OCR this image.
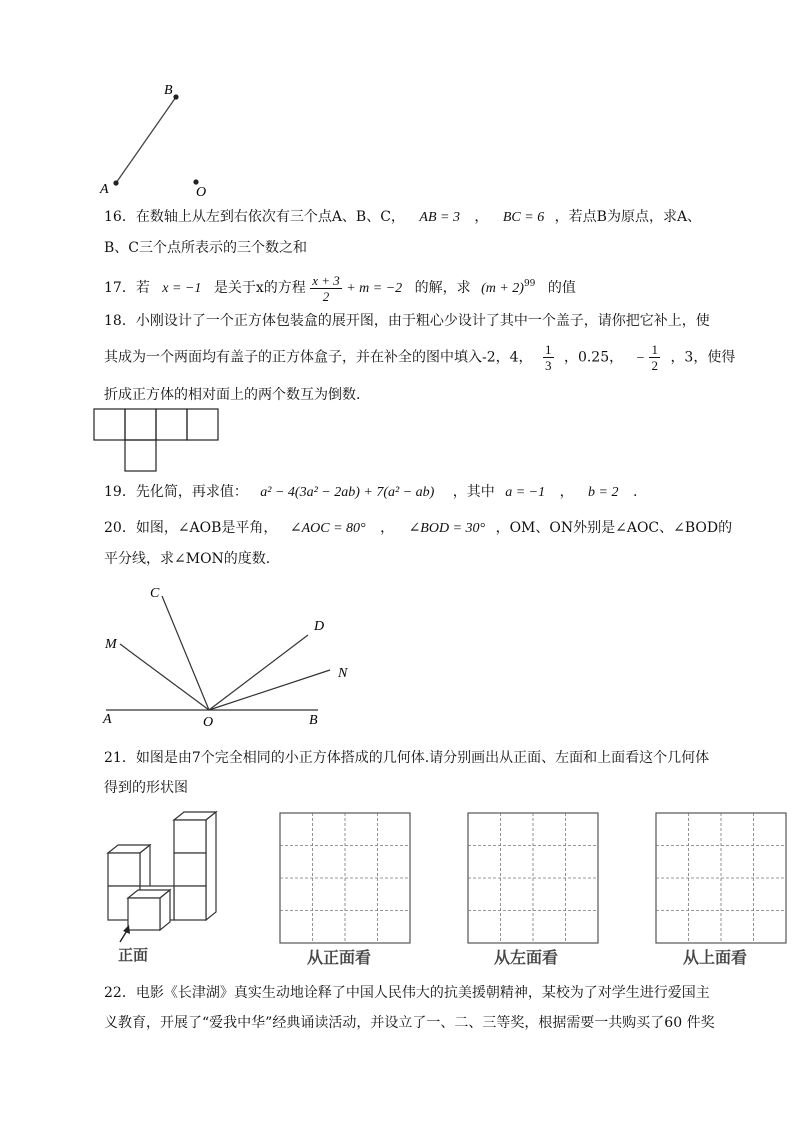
B
A	O
16．在数轴上从左到右依次有三个点A、B、C， AB = 3 ， BC = 6 ，若点B为原点，求A、
B、C三个点所表示的三个数之和
17．若 x = −1 是关于x的方程 $\frac{x + 3}{2} + m = -2$ 的解，求 $(m + 2)^{99}$ 的值
18．小刚设计了一个正方体包装盒的展开图，由于粗心少设计了其中一个盖子，请你把它补上，使
其成为一个两面均有盖子的正方体盒子，并在补全的图中填入-2，4， $\frac{1}{3}$ ，0.25， − $\frac{1}{2}$ ，3，使得
折成正方体的相对面上的两个数互为倒数.
19．先化简，再求值： a² − 4(3a² − 2ab) + 7(a² − ab) ，其中 a = −1 ， b = 2 .
20．如图，∠AOB是平角， ∠AOC = 80° ， ∠BOD = 30° ，OM、ON外别是∠AOC、∠BOD的
平分线，求∠MON的度数.
C
D
M
N
A	O	B
21．如图是由7个完全相同的小正方体搭成的几何体.请分别画出从正面、左面和上面看这个几何体
得到的形状图
正面	从正面看	从左面看	从上面看
22．电影《长津湖》真实生动地诠释了中国人民伟大的抗美援朝精神，某校为了对学生进行爱国主
义教育，开展了“爱我中华”经典诵读活动，并设立了一、二、三等奖，根据需要一共购买了60 件奖
